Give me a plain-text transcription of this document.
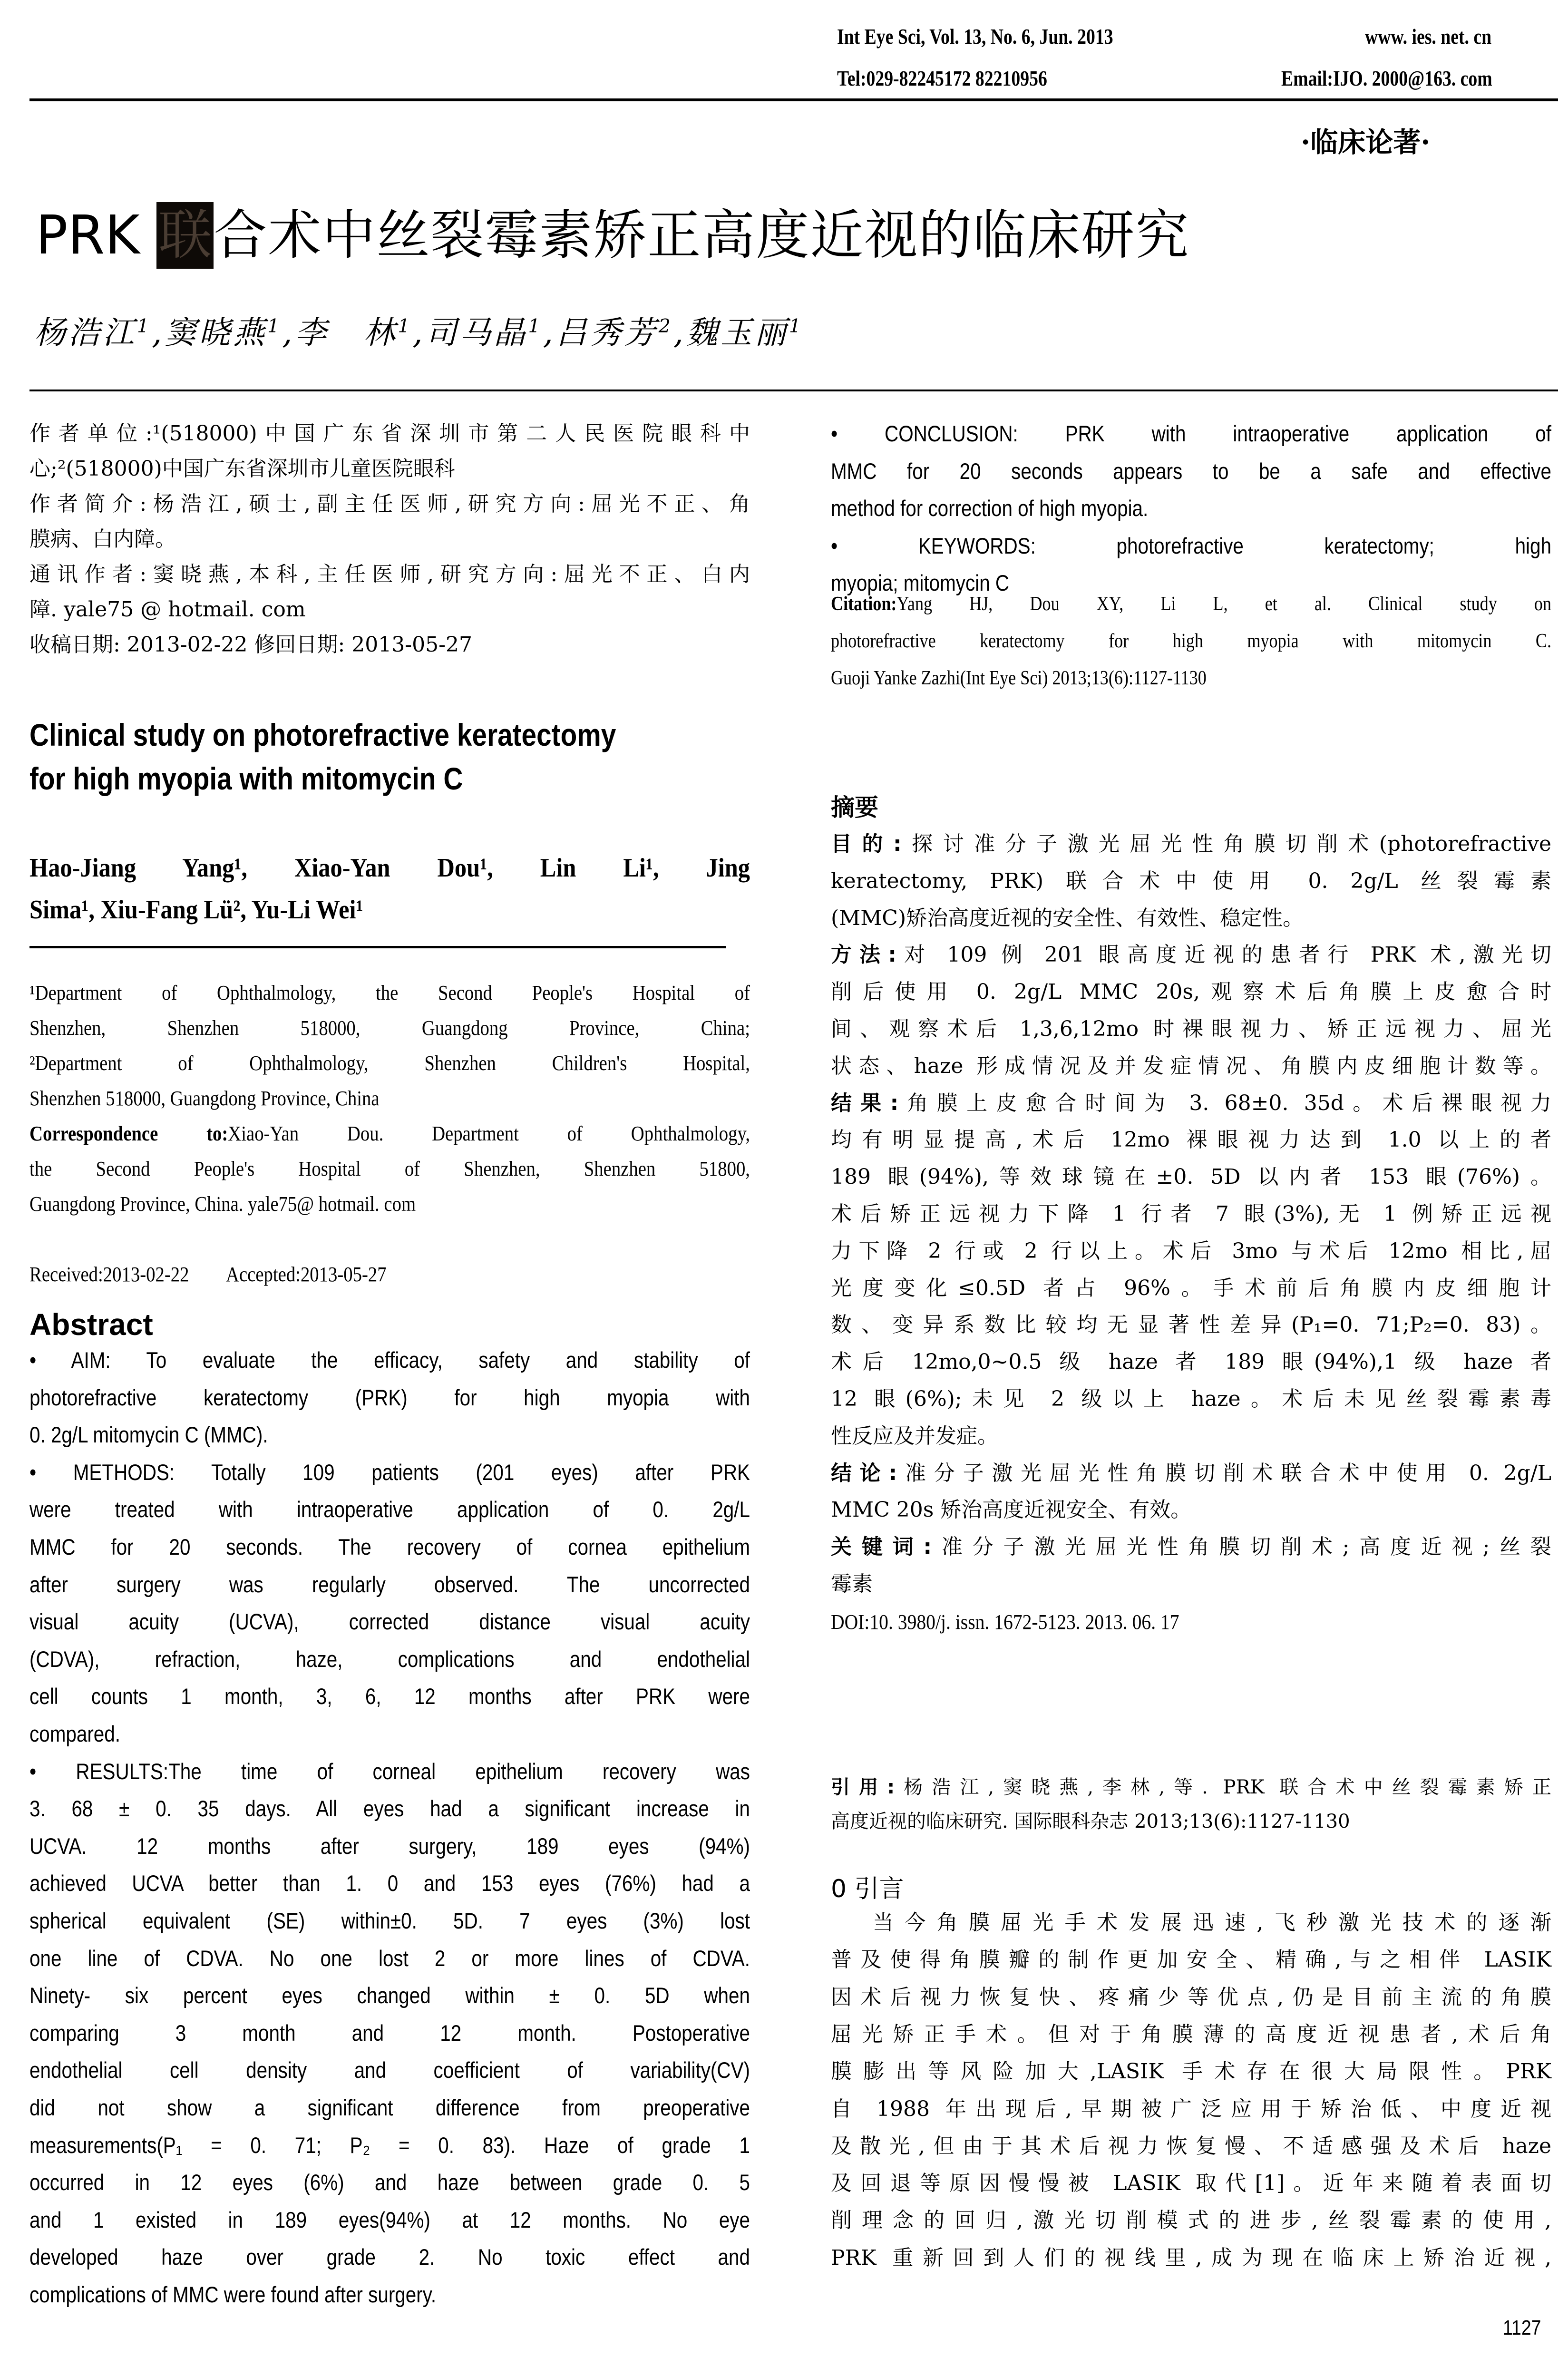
Int Eye Sci, Vol. 13, No. 6, Jun. 2013	www. ies. net. cn
Tel:029-82245172 82210956	Email:IJO. 2000@163. com
·临床论著·
PRK 联合术中丝裂霉素矫正高度近视的临床研究
杨浩江$^1$,窦晓燕$^1$,李　林$^1$,司马晶$^1$,吕秀芳$^2$,魏玉丽$^1$
作者单位:¹(518000)中国广东省深圳市第二人民医院眼科中
心;²(518000)中国广东省深圳市儿童医院眼科
作者简介:杨浩江,硕士,副主任医师,研究方向:屈光不正、角
膜病、白内障。
通讯作者:窦晓燕,本科,主任医师,研究方向:屈光不正、白内
障. yale75 @ hotmail. com
收稿日期: 2013-02-22 修回日期: 2013-05-27
Clinical study on photorefractive keratectomy
for high myopia with mitomycin C
Hao-Jiang Yang¹, Xiao-Yan Dou¹, Lin Li¹, Jing
Sima¹, Xiu-Fang Lü², Yu-Li Wei¹
¹Department of Ophthalmology, the Second People's Hospital of
Shenzhen, Shenzhen 518000, Guangdong Province, China;
²Department of Ophthalmology, Shenzhen Children's Hospital,
Shenzhen 518000, Guangdong Province, China
Correspondence to:Xiao-Yan Dou. Department of Ophthalmology,
the Second People's Hospital of Shenzhen, Shenzhen 51800,
Guangdong Province, China. yale75@ hotmail. com
Received:2013-02-22	Accepted:2013-05-27
Abstract
• AIM: To evaluate the efficacy, safety and stability of
photorefractive keratectomy (PRK) for high myopia with
0. 2g/L mitomycin C (MMC).
• METHODS: Totally 109 patients (201 eyes) after PRK
were treated with intraoperative application of 0. 2g/L
MMC for 20 seconds. The recovery of cornea epithelium
after surgery was regularly observed. The uncorrected
visual acuity (UCVA), corrected distance visual acuity
(CDVA), refraction, haze, complications and endothelial
cell counts 1 month, 3, 6, 12 months after PRK were
compared.
• RESULTS:The time of corneal epithelium recovery was
3. 68 ± 0. 35 days. All eyes had a significant increase in
UCVA. 12 months after surgery, 189 eyes (94%)
achieved UCVA better than 1. 0 and 153 eyes (76%) had a
spherical equivalent (SE) within±0. 5D. 7 eyes (3%) lost
one line of CDVA. No one lost 2 or more lines of CDVA.
Ninety- six percent eyes changed within ± 0. 5D when
comparing 3 month and 12 month. Postoperative
endothelial cell density and coefficient of variability(CV)
did not show a significant difference from preoperative
measurements(P₁ = 0. 71; P₂ = 0. 83). Haze of grade 1
occurred in 12 eyes (6%) and haze between grade 0. 5
and 1 existed in 189 eyes(94%) at 12 months. No eye
developed haze over grade 2. No toxic effect and
complications of MMC were found after surgery.
• CONCLUSION: PRK with intraoperative application of
MMC for 20 seconds appears to be a safe and effective
method for correction of high myopia.
• KEYWORDS: photorefractive keratectomy; high
myopia; mitomycin C
Citation:Yang HJ, Dou XY, Li L, et al. Clinical study on
photorefractive keratectomy for high myopia with mitomycin C.
Guoji Yanke Zazhi(Int Eye Sci) 2013;13(6):1127-1130
摘要
目的:探讨准分子激光屈光性角膜切削术(photorefractive
keratectomy, PRK) 联合术中使用 0. 2g/L 丝裂霉素
(MMC)矫治高度近视的安全性、有效性、稳定性。
方法:对 109 例 201 眼高度近视的患者行 PRK 术,激光切
削后使用 0. 2g/L MMC 20s,观察术后角膜上皮愈合时
间、观察术后 1,3,6,12mo 时裸眼视力、矫正远视力、屈光
状态、haze 形成情况及并发症情况、角膜内皮细胞计数等。
结果:角膜上皮愈合时间为 3. 68±0. 35d。术后裸眼视力
均有明显提高,术后 12mo 裸眼视力达到 1.0 以上的者
189 眼(94%),等效球镜在±0. 5D 以内者 153 眼(76%)。
术后矫正远视力下降 1 行者 7 眼(3%),无 1 例矫正远视
力下降 2 行或 2 行以上。术后 3mo 与术后 12mo 相比,屈
光度变化≤0.5D 者占 96%。手术前后角膜内皮细胞计
数、变异系数比较均无显著性差异(P₁=0. 71;P₂=0. 83)。
术后 12mo,0~0.5 级 haze 者 189 眼(94%),1 级 haze 者
12 眼(6%);未见 2 级以上 haze。术后未见丝裂霉素毒
性反应及并发症。
结论:准分子激光屈光性角膜切削术联合术中使用 0. 2g/L
MMC 20s 矫治高度近视安全、有效。
关键词:准分子激光屈光性角膜切削术;高度近视;丝裂
霉素
DOI:10. 3980/j. issn. 1672-5123. 2013. 06. 17
引用:杨浩江,窦晓燕,李林,等. PRK 联合术中丝裂霉素矫正
高度近视的临床研究. 国际眼科杂志 2013;13(6):1127-1130
0 引言
当今角膜屈光手术发展迅速,飞秒激光技术的逐渐
普及使得角膜瓣的制作更加安全、精确,与之相伴 LASIK
因术后视力恢复快、疼痛少等优点,仍是目前主流的角膜
屈光矫正手术。但对于角膜薄的高度近视患者,术后角
膜膨出等风险加大,LASIK 手术存在很大局限性。PRK
自 1988 年出现后,早期被广泛应用于矫治低、中度近视
及散光,但由于其术后视力恢复慢、不适感强及术后 haze
及回退等原因慢慢被 LASIK 取代[1]。近年来随着表面切
削理念的回归,激光切削模式的进步,丝裂霉素的使用,
PRK 重新回到人们的视线里,成为现在临床上矫治近视,
1127
